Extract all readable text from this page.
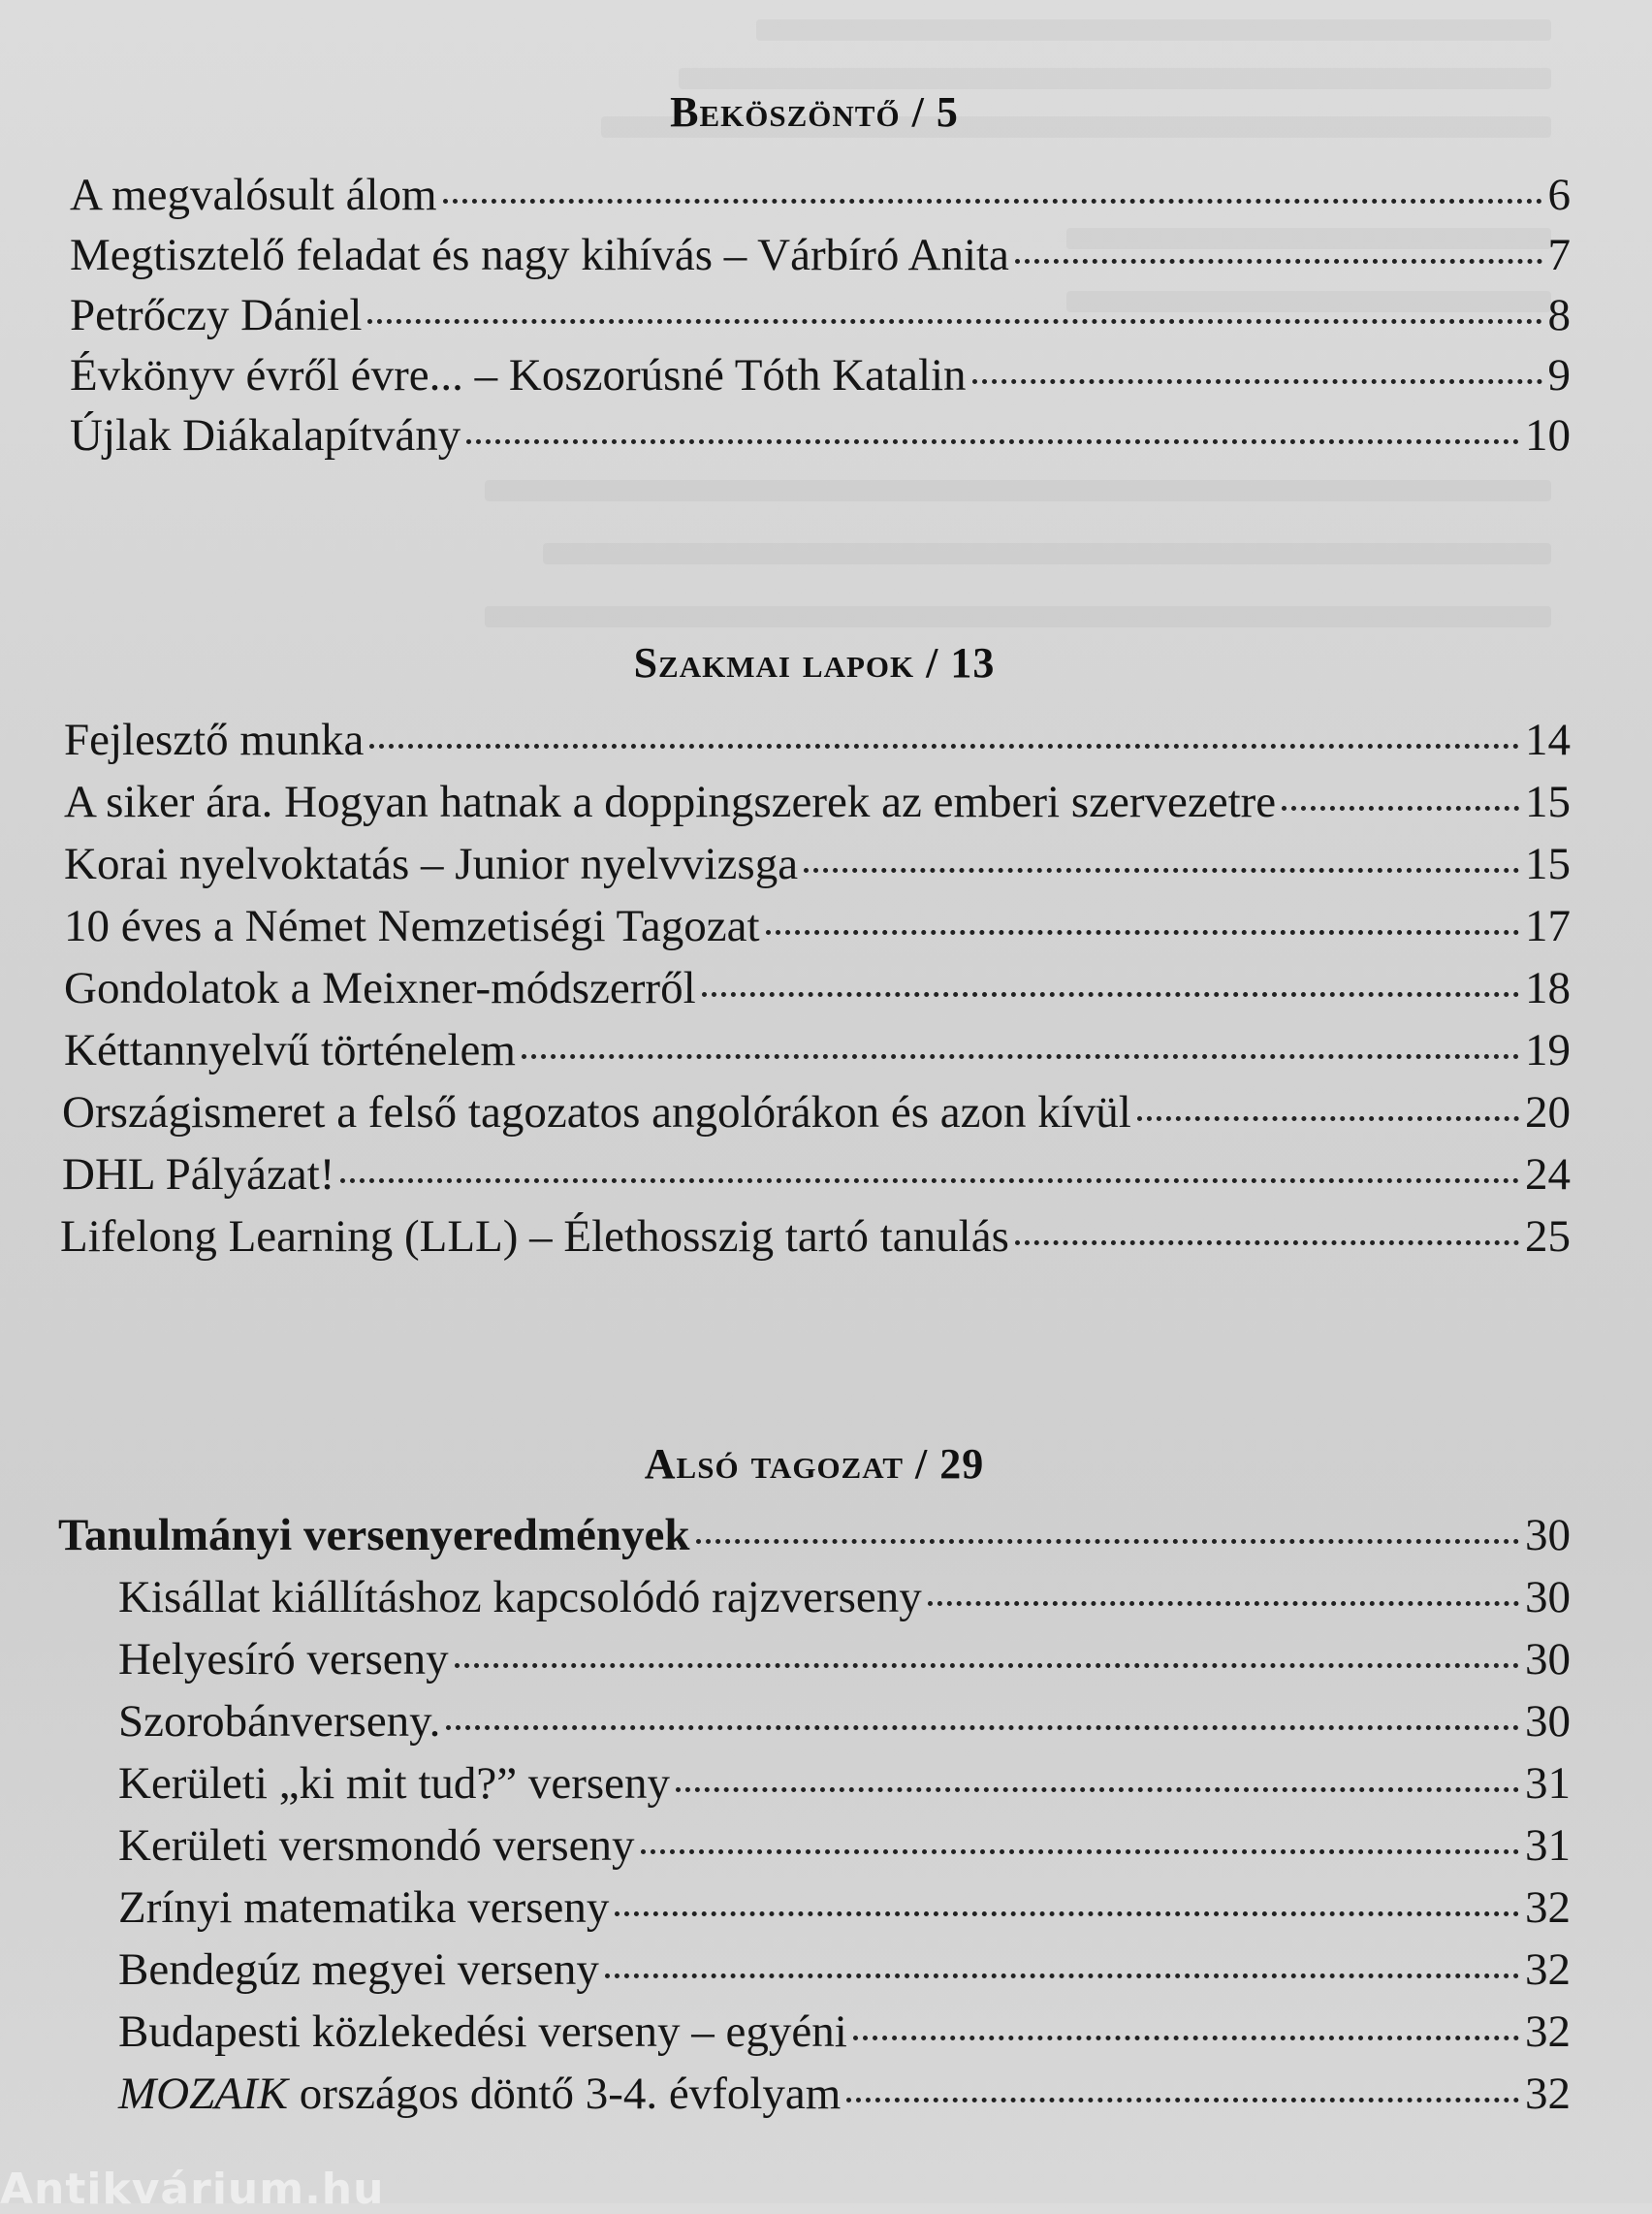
Beköszöntő / 5
A megvalósult álom	6
Megtisztelő feladat és nagy kihívás – Várbíró Anita	7
Petrőczy Dániel	8
Évkönyv évről évre... – Koszorúsné Tóth Katalin	9
Újlak Diákalapítvány	10
Szakmai lapok / 13
Fejlesztő munka	14
A siker ára. Hogyan hatnak a doppingszerek az emberi szervezetre	15
Korai nyelvoktatás – Junior nyelvvizsga	15
10 éves a Német Nemzetiségi Tagozat	17
Gondolatok a Meixner-módszerről	18
Kéttannyelvű történelem	19
Országismeret a felső tagozatos angolórákon és azon kívül	20
DHL Pályázat!	24
Lifelong Learning (LLL) – Élethosszig tartó tanulás	25
Alsó tagozat / 29
Tanulmányi versenyeredmények	30
Kisállat kiállításhoz kapcsolódó rajzverseny	30
Helyesíró verseny	30
Szorobánverseny.	30
Kerületi „ki mit tud?” verseny	31
Kerületi versmondó verseny	31
Zrínyi matematika verseny	32
Bendegúz megyei verseny	32
Budapesti közlekedési verseny – egyéni	32
MOZAIK országos döntő 3-4. évfolyam	32
Antikvárium.hu
